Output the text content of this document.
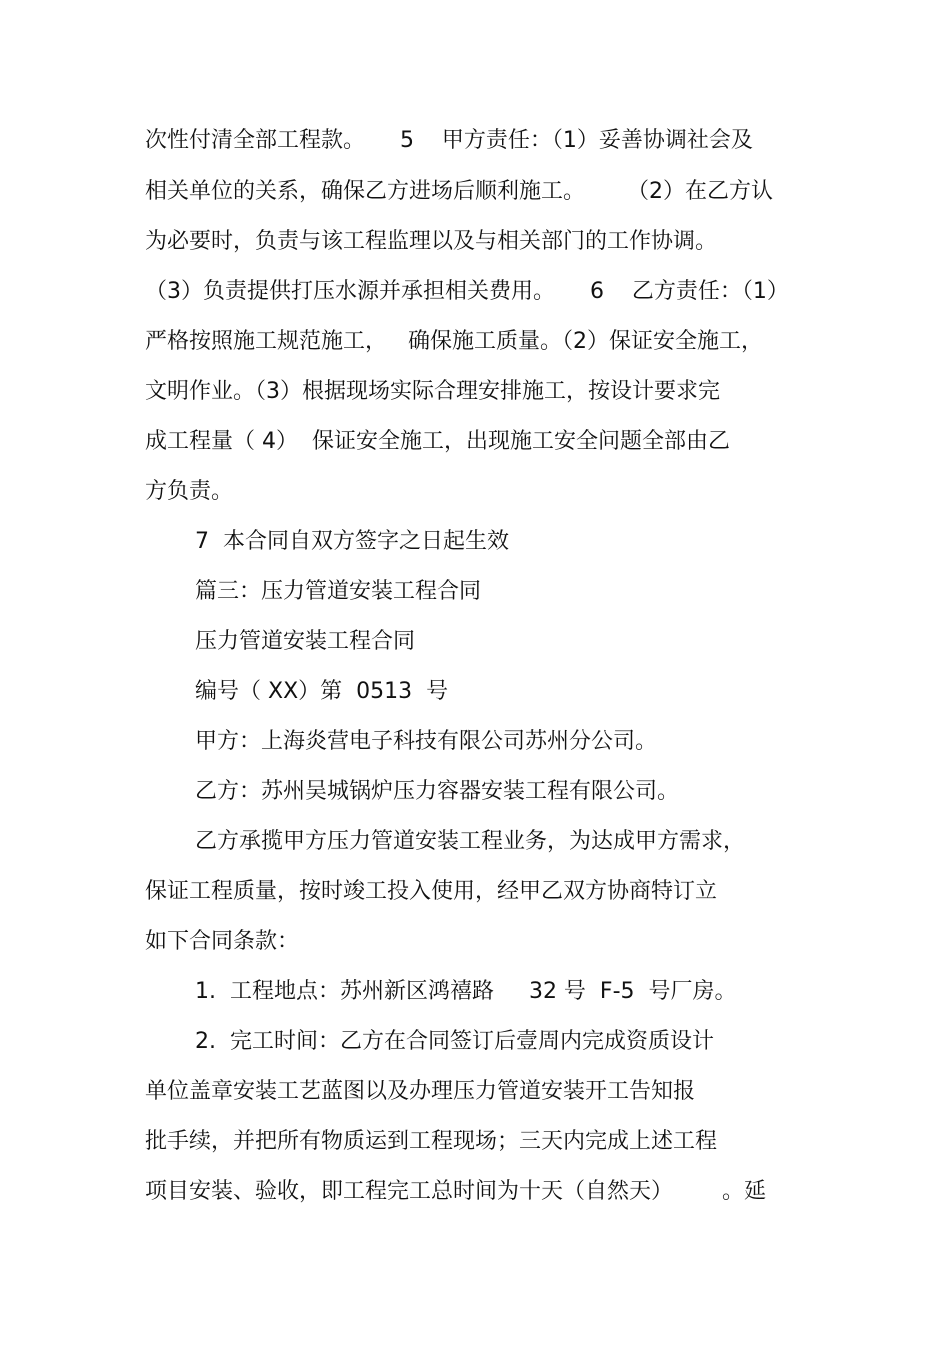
次性付清全部工程款。     5    甲方责任：（1）妥善协调社会及

相关单位的关系，确保乙方进场后顺利施工。      （2）在乙方认

为必要时，负责与该工程监理以及与相关部门的工作协调。

（3）负责提供打压水源并承担相关费用。     6    乙方责任：（1）

严格按照施工规范施工，   确保施工质量。（2）保证安全施工，

文明作业。（3）根据现场实际合理安排施工，按设计要求完

成工程量（ 4）  保证安全施工，出现施工安全问题全部由乙

方负责。

7  本合同自双方签字之日起生效

篇三：压力管道安装工程合同

压力管道安装工程合同

编号（ XX）第  0513  号

甲方：上海炎营电子科技有限公司苏州分公司。

乙方：苏州吴城锅炉压力容器安装工程有限公司。

乙方承揽甲方压力管道安装工程业务，为达成甲方需求，

保证工程质量，按时竣工投入使用，经甲乙双方协商特订立

如下合同条款：

1.  工程地点：苏州新区鸿禧路     32 号  F-5  号厂房。

2.  完工时间：乙方在合同签订后壹周内完成资质设计

单位盖章安装工艺蓝图以及办理压力管道安装开工告知报

批手续，并把所有物质运到工程现场；三天内完成上述工程

项目安装、验收，即工程完工总时间为十天（自然天）       。延
